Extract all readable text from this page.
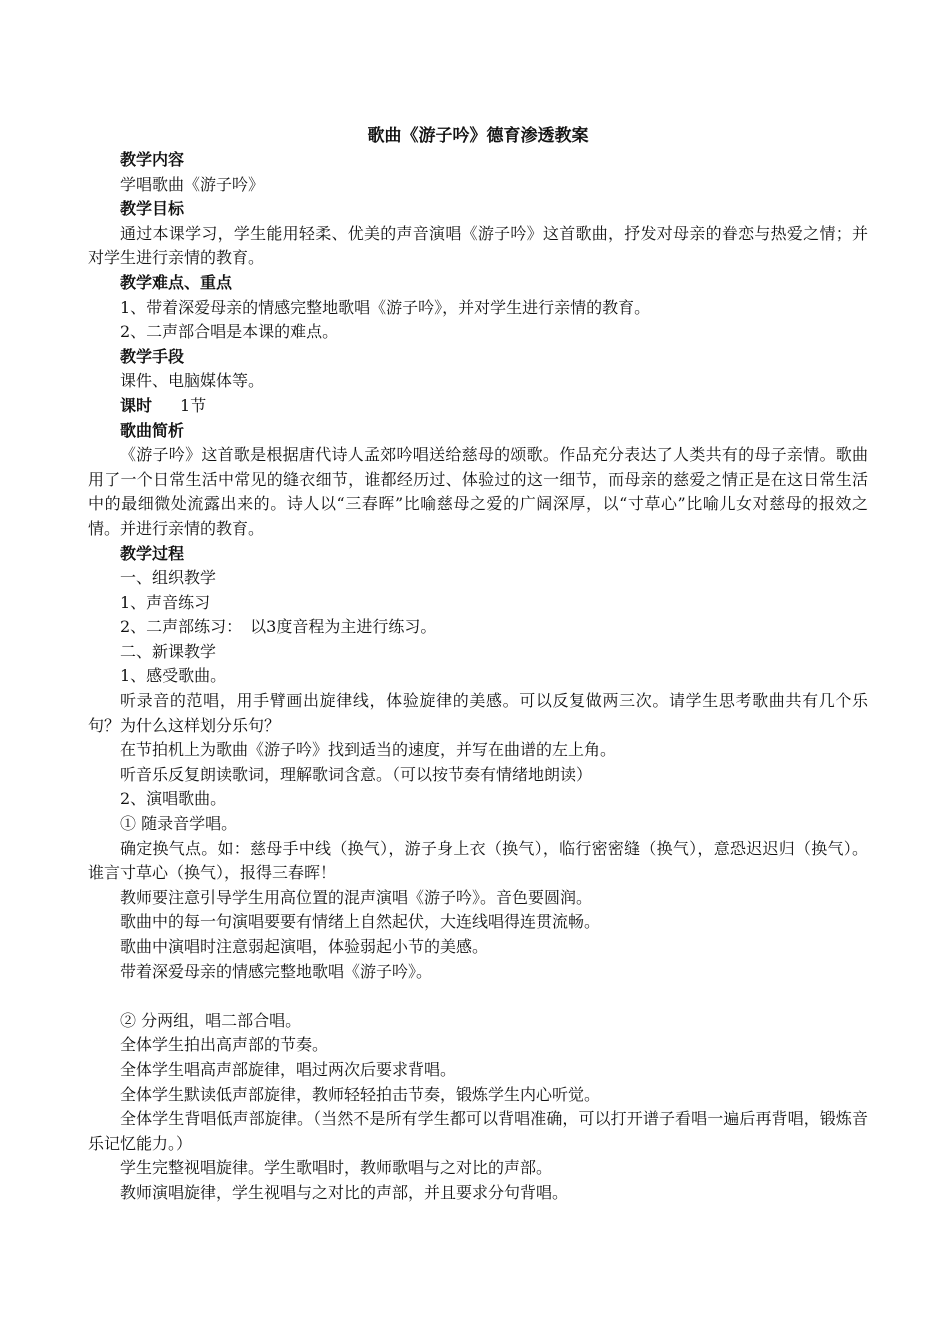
歌曲《游子吟》德育渗透教案

教学内容

学唱歌曲《游子吟》

教学目标

通过本课学习，学生能用轻柔、优美的声音演唱《游子吟》这首歌曲，抒发对母亲的眷恋与热爱之情；并对学生进行亲情的教育。

教学难点、重点

1、带着深爱母亲的情感完整地歌唱《游子吟》，并对学生进行亲情的教育。

2、二声部合唱是本课的难点。

教学手段

课件、电脑媒体等。

课时 1节

歌曲简析

《游子吟》这首歌是根据唐代诗人孟郊吟唱送给慈母的颂歌。作品充分表达了人类共有的母子亲情。歌曲用了一个日常生活中常见的缝衣细节，谁都经历过、体验过的这一细节，而母亲的慈爱之情正是在这日常生活中的最细微处流露出来的。诗人以“三春晖”比喻慈母之爱的广阔深厚，以“寸草心”比喻儿女对慈母的报效之情。并进行亲情的教育。

教学过程

一、组织教学

1、声音练习

2、二声部练习：　以3度音程为主进行练习。

二、新课教学

1、感受歌曲。

听录音的范唱，用手臂画出旋律线，体验旋律的美感。可以反复做两三次。请学生思考歌曲共有几个乐句？为什么这样划分乐句？

在节拍机上为歌曲《游子吟》找到适当的速度，并写在曲谱的左上角。

听音乐反复朗读歌词，理解歌词含意。（可以按节奏有情绪地朗读）

2、演唱歌曲。

① 随录音学唱。

确定换气点。如：慈母手中线（换气），游子身上衣（换气），临行密密缝（换气），意恐迟迟归（换气）。谁言寸草心（换气），报得三春晖！

教师要注意引导学生用高位置的混声演唱《游子吟》。音色要圆润。

歌曲中的每一句演唱要要有情绪上自然起伏，大连线唱得连贯流畅。

歌曲中演唱时注意弱起演唱，体验弱起小节的美感。

带着深爱母亲的情感完整地歌唱《游子吟》。

② 分两组，唱二部合唱。

全体学生拍出高声部的节奏。

全体学生唱高声部旋律，唱过两次后要求背唱。

全体学生默读低声部旋律，教师轻轻拍击节奏，锻炼学生内心听觉。

全体学生背唱低声部旋律。（当然不是所有学生都可以背唱准确，可以打开谱子看唱一遍后再背唱，锻炼音乐记忆能力。）

学生完整视唱旋律。学生歌唱时，教师歌唱与之对比的声部。

教师演唱旋律，学生视唱与之对比的声部，并且要求分句背唱。
